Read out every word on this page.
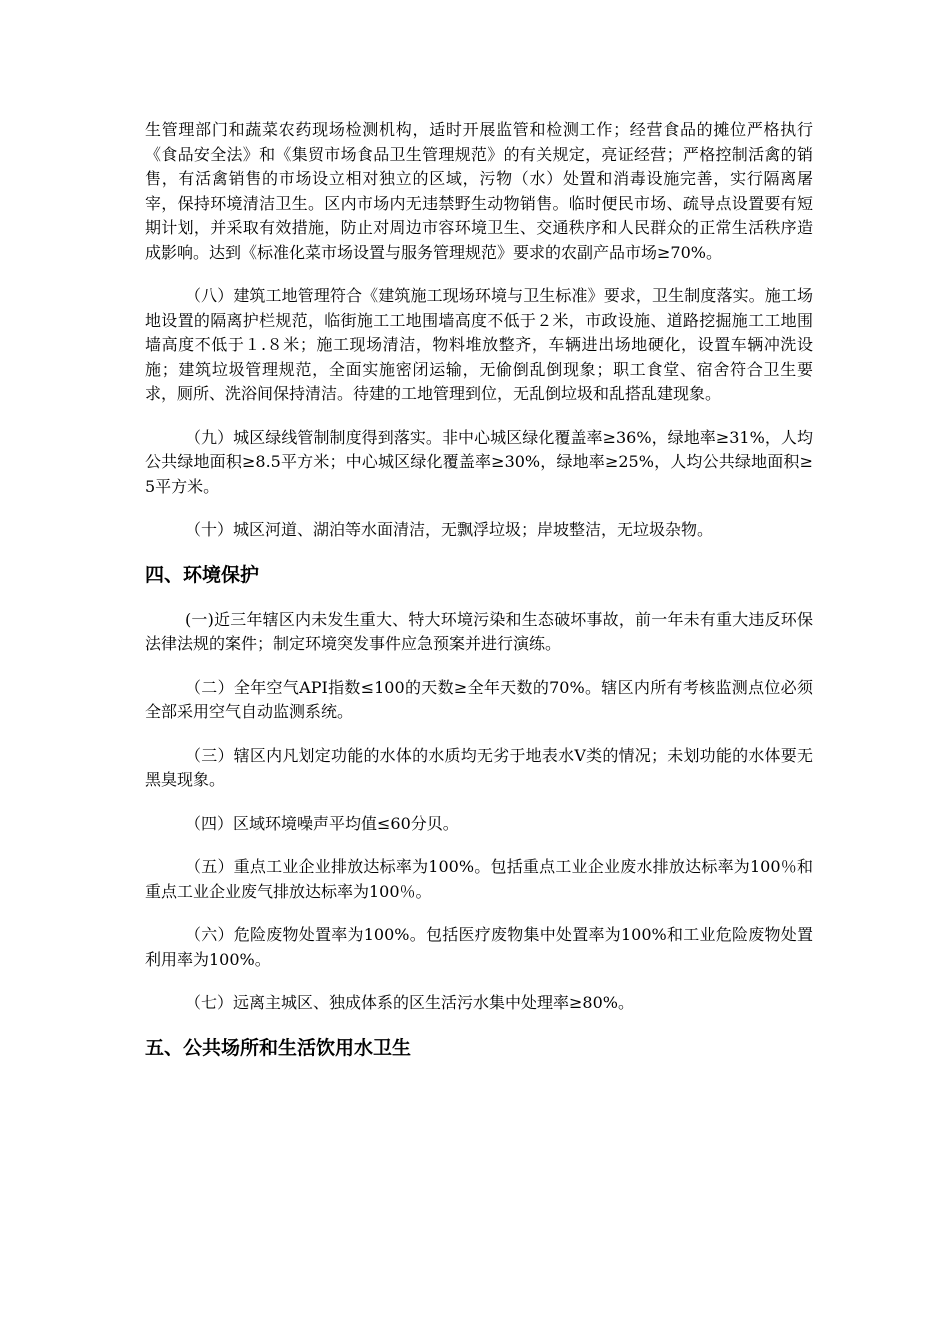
生管理部门和蔬菜农药现场检测机构，适时开展监管和检测工作；经营食品的摊位严格执行《食品安全法》和《集贸市场食品卫生管理规范》的有关规定，亮证经营；严格控制活禽的销售，有活禽销售的市场设立相对独立的区域，污物（水）处置和消毒设施完善，实行隔离屠宰，保持环境清洁卫生。区内市场内无违禁野生动物销售。临时便民市场、疏导点设置要有短期计划，并采取有效措施，防止对周边市容环境卫生、交通秩序和人民群众的正常生活秩序造成影响。达到《标准化菜市场设置与服务管理规范》要求的农副产品市场≥70%。

（八）建筑工地管理符合《建筑施工现场环境与卫生标准》要求，卫生制度落实。施工场地设置的隔离护栏规范，临街施工工地围墙高度不低于２米，市政设施、道路挖掘施工工地围墙高度不低于１.８米；施工现场清洁，物料堆放整齐，车辆进出场地硬化，设置车辆冲洗设施；建筑垃圾管理规范，全面实施密闭运输，无偷倒乱倒现象；职工食堂、宿舍符合卫生要求，厕所、洗浴间保持清洁。待建的工地管理到位，无乱倒垃圾和乱搭乱建现象。

（九）城区绿线管制制度得到落实。非中心城区绿化覆盖率≥36%，绿地率≥31%，人均公共绿地面积≥8.5平方米；中心城区绿化覆盖率≥30%，绿地率≥25%，人均公共绿地面积≥5平方米。

（十）城区河道、湖泊等水面清洁，无飘浮垃圾；岸坡整洁，无垃圾杂物。

四、环境保护

(一)近三年辖区内未发生重大、特大环境污染和生态破坏事故，前一年未有重大违反环保法律法规的案件；制定环境突发事件应急预案并进行演练。

（二）全年空气API指数≤100的天数≥全年天数的70%。辖区内所有考核监测点位必须全部采用空气自动监测系统。

（三）辖区内凡划定功能的水体的水质均无劣于地表水Ⅴ类的情况；未划功能的水体要无黑臭现象。

（四）区域环境噪声平均值≤60分贝。

（五）重点工业企业排放达标率为100%。包括重点工业企业废水排放达标率为100％和重点工业企业废气排放达标率为100％。

（六）危险废物处置率为100%。包括医疗废物集中处置率为100%和工业危险废物处置利用率为100%。

（七）远离主城区、独成体系的区生活污水集中处理率≥80%。

五、公共场所和生活饮用水卫生
